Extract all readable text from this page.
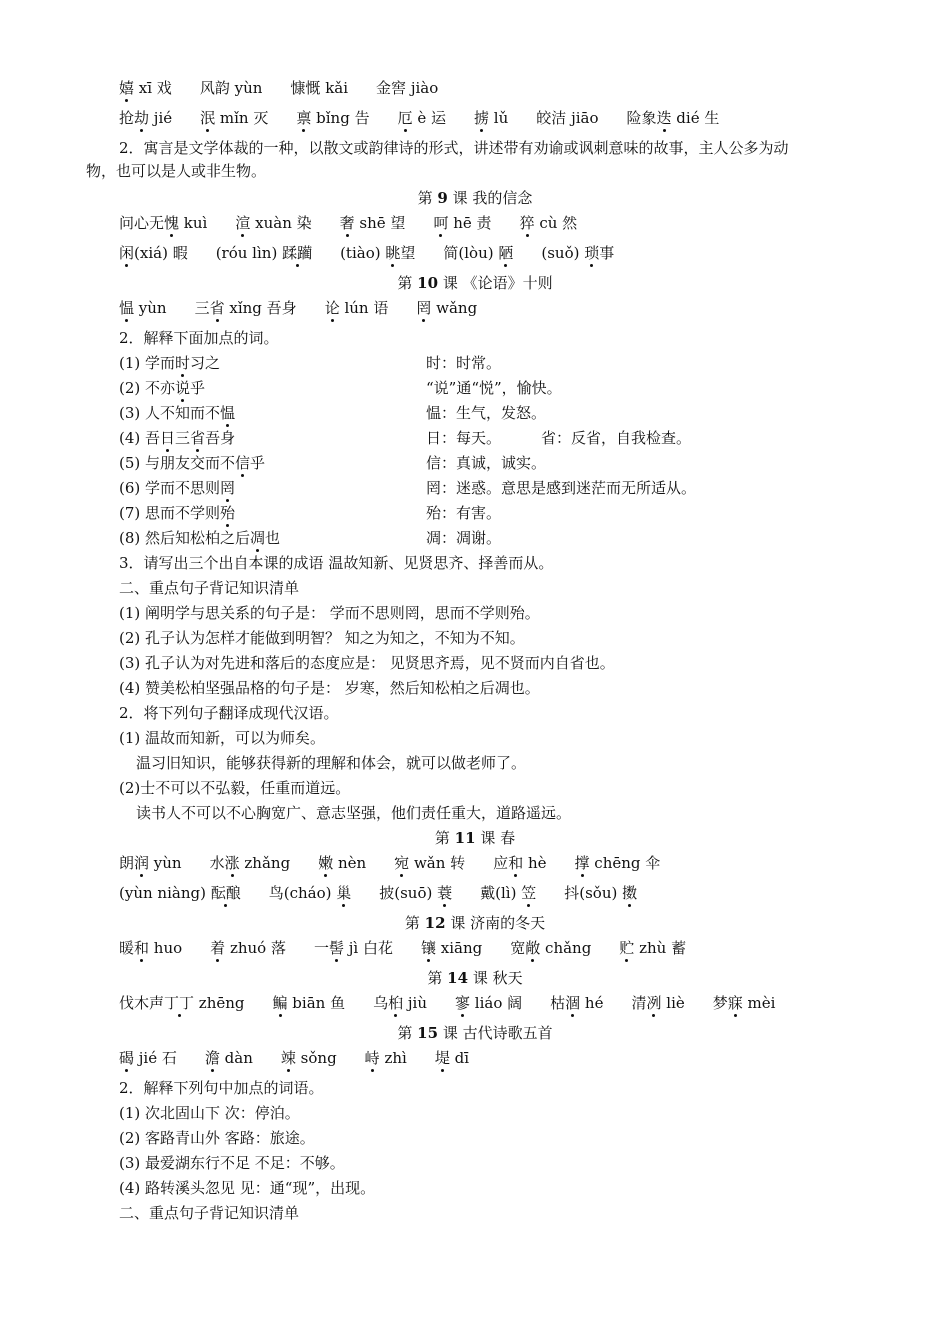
嬉 xī 戏 风韵 yùn 慷慨 kǎi 金窖 jiào
抢劫 jié 泯 mǐn 灭 禀 bǐng 告 厄 è 运 掳 lǔ 皎洁 jiāo 险象迭 dié 生
2．寓言是文学体裁的一种，以散文或韵律诗的形式，讲述带有劝谕或讽刺意味的故事，主人公多为动
物，也可以是人或非生物。
第 9 课 我的信念
问心无愧 kuì 渲 xuàn 染 奢 shē 望 呵 hē 责 猝 cù 然
闲(xiá) 暇 (róu lìn) 蹂躏 (tiào) 眺望 简(lòu) 陋 (suǒ) 琐事
第 10 课 《论语》十则
愠 yùn 三省 xǐng 吾身 论 lún 语 罔 wǎng
2．解释下面加点的词。
(1) 学而时习之	时：时常。
(2) 不亦说乎	“说”通“悦”，愉快。
(3) 人不知而不愠	愠：生气，发怒。
(4) 吾日三省吾身	日：每天。	省：反省，自我检查。
(5) 与朋友交而不信乎	信：真诚，诚实。
(6) 学而不思则罔	罔：迷惑。意思是感到迷茫而无所适从。
(7) 思而不学则殆	殆：有害。
(8) 然后知松柏之后凋也	凋：凋谢。
3．请写出三个出自本课的成语 温故知新、见贤思齐、择善而从。
二、重点句子背记知识清单
(1) 阐明学与思关系的句子是： 学而不思则罔，思而不学则殆。
(2) 孔子认为怎样才能做到明智？ 知之为知之，不知为不知。
(3) 孔子认为对先进和落后的态度应是： 见贤思齐焉，见不贤而内自省也。
(4) 赞美松柏坚强品格的句子是： 岁寒，然后知松柏之后凋也。
2．将下列句子翻译成现代汉语。
(1) 温故而知新，可以为师矣。
温习旧知识，能够获得新的理解和体会，就可以做老师了。
(2)士不可以不弘毅，任重而道远。
读书人不可以不心胸宽广、意志坚强，他们责任重大，道路遥远。
第 11 课 春
朗润 yùn 水涨 zhǎng 嫩 nèn 宛 wǎn 转 应和 hè 撑 chēng 伞
(yùn niàng) 酝酿 鸟(cháo) 巢 披(suō) 蓑 戴(lì) 笠 抖(sǒu) 擞
第 12 课 济南的冬天
暖和 huo 着 zhuó 落 一髻 jì 白花 镶 xiāng 宽敞 chǎng 贮 zhù 蓄
第 14 课 秋天
伐木声丁丁 zhēng 鳊 biān 鱼 乌桕 jiù 寥 liáo 阔 枯涸 hé 清冽 liè 梦寐 mèi
第 15 课 古代诗歌五首
碣 jié 石 澹 dàn 竦 sǒng 峙 zhì 堤 dī
2．解释下列句中加点的词语。
(1) 次北固山下 次：停泊。
(2) 客路青山外 客路：旅途。
(3) 最爱湖东行不足 不足：不够。
(4) 路转溪头忽见 见：通“现”，出现。
二、重点句子背记知识清单
